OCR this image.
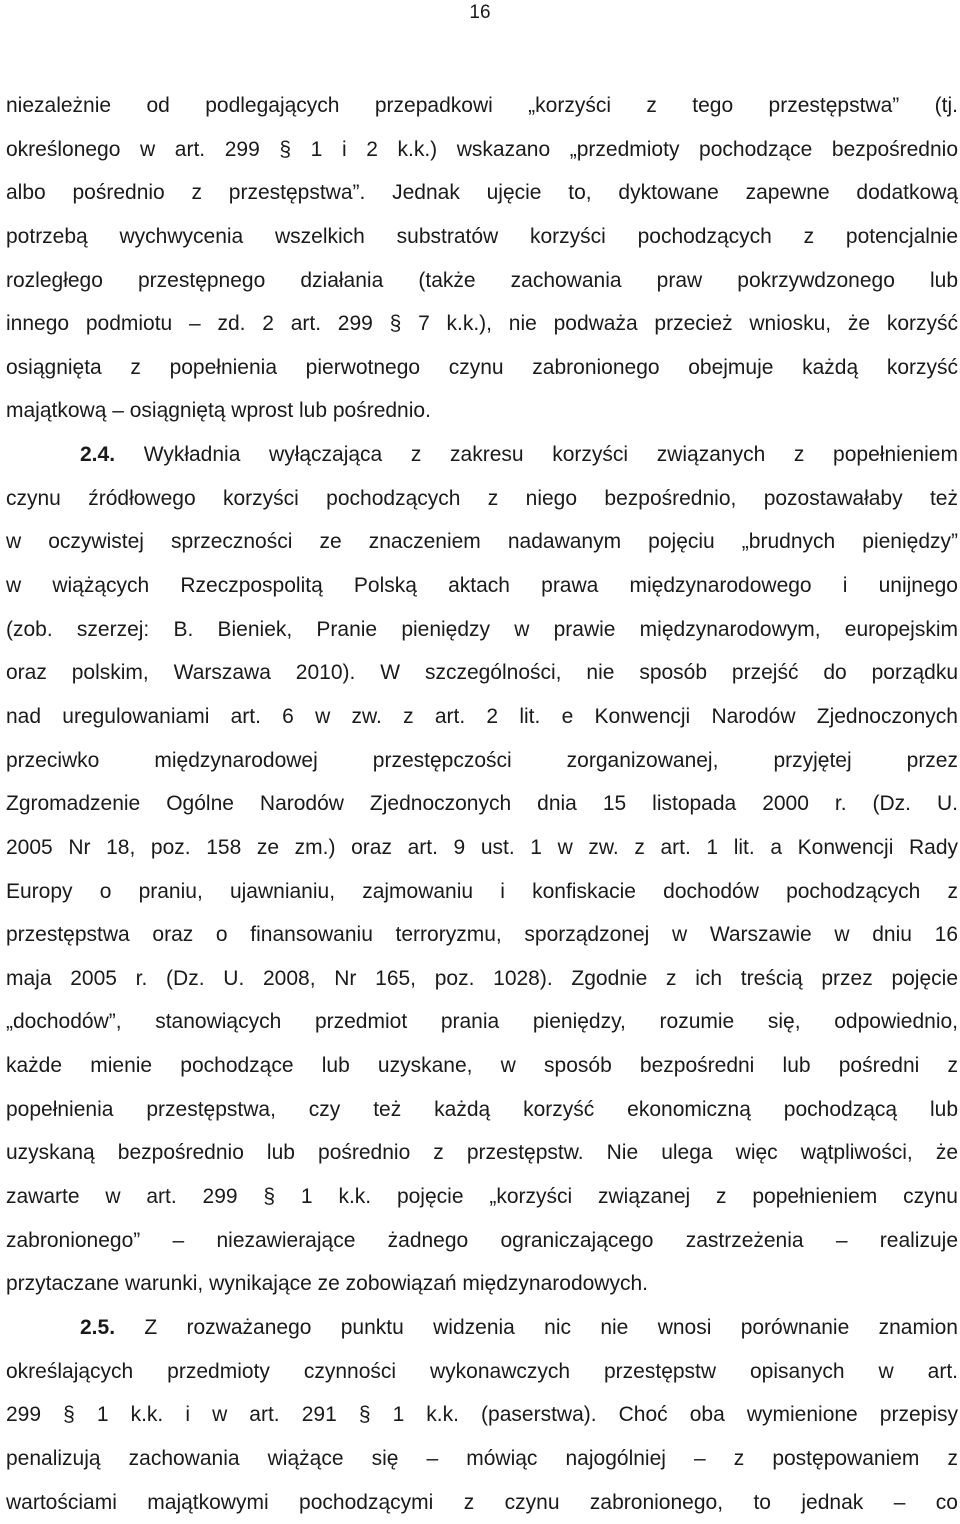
16
niezależnie od podlegających przepadkowi „korzyści z tego przestępstwa” (tj.
określonego w art. 299 § 1 i 2 k.k.) wskazano „przedmioty pochodzące bezpośrednio
albo pośrednio z przestępstwa”. Jednak ujęcie to, dyktowane zapewne dodatkową
potrzebą wychwycenia wszelkich substratów korzyści pochodzących z potencjalnie
rozległego przestępnego działania (także zachowania praw pokrzywdzonego lub
innego podmiotu – zd. 2 art. 299 § 7 k.k.), nie podważa przecież wniosku, że korzyść
osiągnięta z popełnienia pierwotnego czynu zabronionego obejmuje każdą korzyść
majątkową – osiągniętą wprost lub pośrednio.
2.4. Wykładnia wyłączająca z zakresu korzyści związanych z popełnieniem
czynu źródłowego korzyści pochodzących z niego bezpośrednio, pozostawałaby też
w oczywistej sprzeczności ze znaczeniem nadawanym pojęciu „brudnych pieniędzy”
w wiążących Rzeczpospolitą Polską aktach prawa międzynarodowego i unijnego
(zob. szerzej: B. Bieniek, Pranie pieniędzy w prawie międzynarodowym, europejskim
oraz polskim, Warszawa 2010). W szczególności, nie sposób przejść do porządku
nad uregulowaniami art. 6 w zw. z art. 2 lit. e Konwencji Narodów Zjednoczonych
przeciwko międzynarodowej przestępczości zorganizowanej, przyjętej przez
Zgromadzenie Ogólne Narodów Zjednoczonych dnia 15 listopada 2000 r. (Dz. U.
2005 Nr 18, poz. 158 ze zm.) oraz art. 9 ust. 1 w zw. z art. 1 lit. a Konwencji Rady
Europy o praniu, ujawnianiu, zajmowaniu i konfiskacie dochodów pochodzących z
przestępstwa oraz o finansowaniu terroryzmu, sporządzonej w Warszawie w dniu 16
maja 2005 r. (Dz. U. 2008, Nr 165, poz. 1028). Zgodnie z ich treścią przez pojęcie
„dochodów”, stanowiących przedmiot prania pieniędzy, rozumie się, odpowiednio,
każde mienie pochodzące lub uzyskane, w sposób bezpośredni lub pośredni z
popełnienia przestępstwa, czy też każdą korzyść ekonomiczną pochodzącą lub
uzyskaną bezpośrednio lub pośrednio z przestępstw. Nie ulega więc wątpliwości, że
zawarte w art. 299 § 1 k.k. pojęcie „korzyści związanej z popełnieniem czynu
zabronionego” – niezawierające żadnego ograniczającego zastrzeżenia – realizuje
przytaczane warunki, wynikające ze zobowiązań międzynarodowych.
2.5. Z rozważanego punktu widzenia nic nie wnosi porównanie znamion
określających przedmioty czynności wykonawczych przestępstw opisanych w art.
299 § 1 k.k. i w art. 291 § 1 k.k. (paserstwa). Choć oba wymienione przepisy
penalizują zachowania wiążące się – mówiąc najogólniej – z postępowaniem z
wartościami majątkowymi pochodzącymi z czynu zabronionego, to jednak – co
